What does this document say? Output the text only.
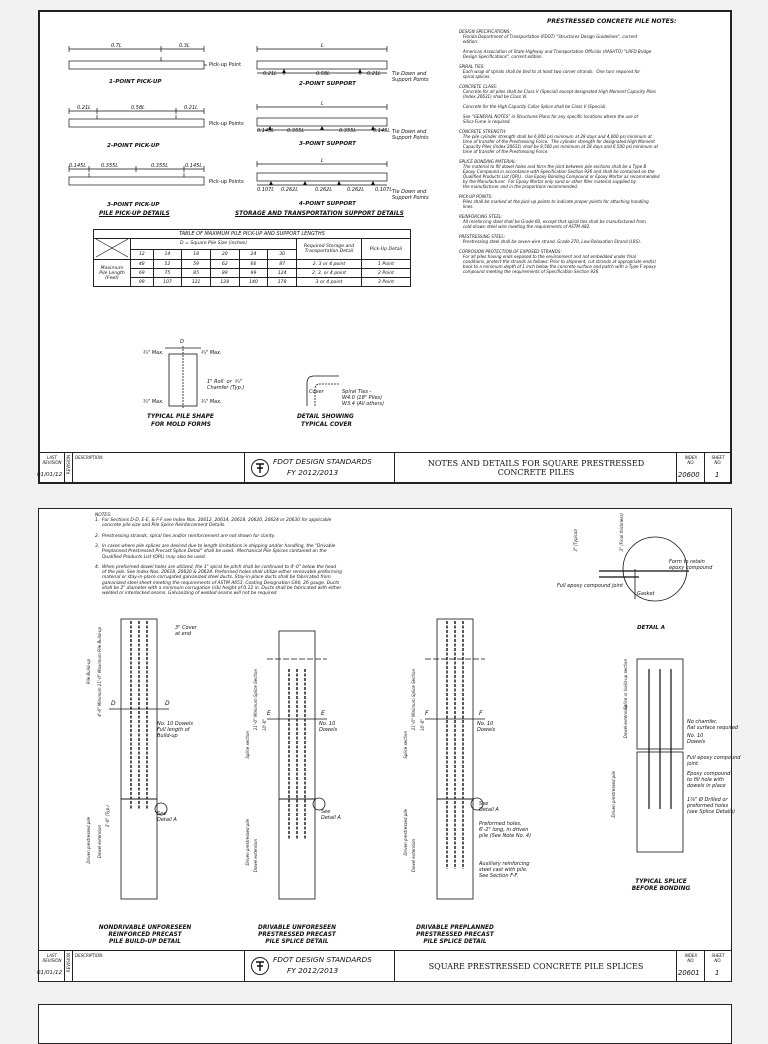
PRESTRESSED CONCRETE PILE NOTES:
DESIGN SPECIFICATIONS:
Florida Department of Transportation (FDOT) "Structures Design Guidelines", current
edition.

American Association of State Highway and Transportation Officials (AASHTO) "LRFD Bridge
Design Specifications", current edition.

SPIRAL TIES:
Each wrap of spirals shall be tied to at least two corner strands.  One turn required for
spiral splices.

CONCRETE CLASS:
Concrete for all piles shall be Class V (Special) except designated High Moment Capacity Piles
(Index 20631) shall be Class VI.

Concrete for the High Capacity Collar Splice shall be Class V (Special).

See "GENERAL NOTES" in Structures Plans for any specific locations where the use of
Silica Fume is required.

CONCRETE STRENGTH:
The pile cylinder strength shall be 6,000 psi minimum at 28 days and 4,000 psi minimum at
time of transfer of the Prestressing Force.  The cylinder strength for designated High Moment
Capacity Piles (Index 20631) shall be 8,500 psi minimum at 28 days and 6,500 psi minimum at
time of transfer of the Prestressing Force.

SPLICE BONDING MATERIAL:
The material to fill dowel holes and form the joint between pile sections shall be a Type B
Epoxy Compound in accordance with Specification Section 926 and shall be contained on the
Qualified Products List (QPL).  Use Epoxy Bonding Compound or Epoxy Mortar as recommended
by the Manufacturer.  For Epoxy Mortar only sand or other filler material supplied by
the manufacturer and in the proportions recommended.

PICK-UP POINTS:
Piles shall be marked at the pick-up points to indicate proper points for attaching handling
lines.

REINFORCING STEEL:
All reinforcing steel shall be Grade 60, except that spiral ties shall be manufactured from
cold-drawn steel wire meeting the requirements of ASTM A82.

PRESTRESSING STEEL:
Prestressing steel shall be seven-wire strand, Grade 270, Low-Relaxation Strand (LRS).

CORROSION PROTECTION OF EXPOSED STRANDS:
For all piles having ends exposed to the environment and not embedded under final
conditions, protect the strands as follows: Prior to shipment, cut strands at appropriate end(s)
back to a minimum depth of 1 inch below the concrete surface and patch with a Type F epoxy
compound meeting the requirements of Specification Section 926.
Pick-up Point
0.7L	0.3L
1-POINT PICK-UP
L
0.21L	0.58L	0.21L Tie Down and Support Points
2-POINT SUPPORT
0.21L	0.58L	0.21L
Pick-up Points
2-POINT PICK-UP
L
0.145L	0.355L	0.355L	0.145L Tie Down and Support Points
3-POINT SUPPORT
0.145L	0.355L	0.355L	0.145L
Pick-up Points
3-POINT PICK-UP
PILE PICK-UP DETAILS
L
0.107L 0.262L	0.262L	0.262L 0.107L Tie Down and Support Points
4-POINT SUPPORT
STORAGE AND TRANSPORTATION SUPPORT DETAILS
TABLE OF MAXIMUM PILE PICK-UP AND SUPPORT LENGTHS								
	D = Square Pile Size (inches)						Required Storage and Transportation Detail	Pick-Up Detail
	12	14	18	20	24	30		
Maximum Pile Length (Feet)	48	52	59	62	66	87	2, 3 or 4 point	1 Point
	69	75	85	89	99	124	2, 3, or 4 point	2 Point
	99	107	121	128	140	178	3 or 4 point	3 Point
D
¾" Max.	¾" Max.
1" Roll  or  ¾"
Chamfer (Typ.)
¾" Max.	¾" Max.
TYPICAL PILE SHAPE
FOR MOLD FORMS
Cover	Spiral Ties -
W4.0 (18" Piles)
W3.4 (All others)
DETAIL SHOWING
TYPICAL COVER
LAST
REVISION
01/01/12
REVISION DESCRIPTION:	FDOT DESIGN STANDARDS
FY 2012/2013
NOTES AND DETAILS FOR SQUARE PRESTRESSED CONCRETE PILES
INDEX
NO.
20600
SHEET
NO.
1
NOTES:
1.  For Sections D-D, E-E, & F-F see Index Nos. 20612, 20614, 20618, 20620, 20624 or 20630 for applicable
concrete pile size and Pile Splice Reinforcement Details.

2.  Prestressing strands, spiral ties and/or reinforcement are not shown for clarity.

3.  In cases where pile splices are desired due to length limitations in shipping and/or handling, the "Drivable
Preplanned Prestressed Precast Splice Detail" shall be used.  Mechanical Pile Splices contained on the
Qualified Products List (QPL) may also be used.

4.  When preformed dowel holes are utilized, the 1" spiral tie pitch shall be continued to 4'-0" below the head
of the pile. See Index Nos. 20618, 20620 & 20624. Preformed holes shall utilize either removable preforming
material or stay-in-place corrugated galvanized steel ducts. Stay-in-place ducts shall be fabricated from
galvanized steel sheet meeting the requirements of ASTM A653, Coating Designation G90, 26 gauge. Ducts
shall be 2" diameter with a minimum corrugation (rib) height of 0.12 in. Ducts shall be fabricated with either
welded or interlocked seams. Galvanizing of welded seams will not be required.
3" Cover
at end
No. 10 Dowels
Full length of
Build-up
See
Detail A
D	D
4'-6" Minimum 21'-0" Maximum Pile Build-up
Pile Build-up
Driven prestressed pile Dowel extension
2'-6" (Typ.)
No. 10
Dowels
See
Detail A
E	E
21'-0" Minimum Splice Section 10'-6"
Splice section
Driven prestressed pile Dowel extension
No. 10
Dowels
See
Detail A
Preformed holes,
6'-2" long, in driven
pile (See Note No. 4)
Auxiliary reinforcing
steel cast with pile.
See Section F-F.
F	F
21'-0" Minimum Splice Section 10'-6"
Splice section
Driven prestressed pile
Dowel extension
Form to retain
epoxy compound
Full epoxy compound joint
Gasket
DETAIL A
3" (Typical)	3" (Final thickness)
No chamfer,
flat surface required
No. 10
Dowels
Full epoxy compound
joint
Epoxy compound
to fill hole with
dowels in place
1⅝" Ø Drilled or
preformed holes
(see Splice Details)
Splice or build-up section
Driven prestressed pile
Dowel extension
NONDRIVABLE UNFORESEEN
REINFORCED PRECAST
PILE BUILD-UP DETAIL
DRIVABLE UNFORESEEN
PRESTRESSED PRECAST
PILE SPLICE DETAIL
DRIVABLE PREPLANNED
PRESTRESSED PRECAST
PILE SPLICE DETAIL
TYPICAL SPLICE
BEFORE BONDING
LAST
REVISION
01/01/12
REVISION DESCRIPTION:	FDOT DESIGN STANDARDS
FY 2012/2013	SQUARE PRESTRESSED CONCRETE PILE SPLICES
INDEX
NO.
20601
SHEET
NO.
1
